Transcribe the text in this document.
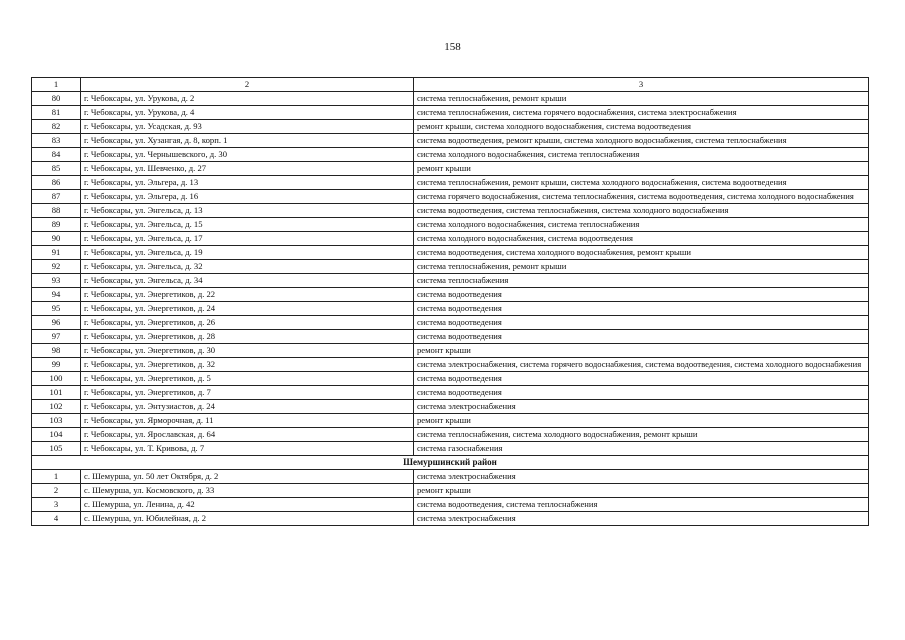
158
1	2	3
80	г. Чебоксары, ул. Урукова, д. 2	система теплоснабжения, ремонт крыши
81	г. Чебоксары, ул. Урукова, д. 4	система теплоснабжения, система горячего водоснабжения, система электроснабжения
82	г. Чебоксары, ул. Усадская, д. 93	ремонт крыши, система холодного водоснабжения, система водоотведения
83	г. Чебоксары, ул. Хузангая, д. 8, корп. 1	система водоотведения, ремонт крыши, система холодного водоснабжения, система теплоснабжения
84	г. Чебоксары, ул. Чернышевского, д. 30	система холодного водоснабжения, система теплоснабжения
85	г. Чебоксары, ул. Шевченко, д. 27	ремонт крыши
86	г. Чебоксары, ул. Эльгера, д. 13	система теплоснабжения, ремонт крыши, система холодного водоснабжения, система водоотведения
87	г. Чебоксары, ул. Эльгера, д. 16	система горячего водоснабжения, система теплоснабжения, система водоотведения, система холодного водоснабжения
88	г. Чебоксары, ул. Энгельса, д. 13	система водоотведения, система теплоснабжения, система холодного водоснабжения
89	г. Чебоксары, ул. Энгельса, д. 15	система холодного водоснабжения, система теплоснабжения
90	г. Чебоксары, ул. Энгельса, д. 17	система холодного водоснабжения, система водоотведения
91	г. Чебоксары, ул. Энгельса, д. 19	система водоотведения, система холодного водоснабжения, ремонт крыши
92	г. Чебоксары, ул. Энгельса, д. 32	система теплоснабжения, ремонт крыши
93	г. Чебоксары, ул. Энгельса, д. 34	система теплоснабжения
94	г. Чебоксары, ул. Энергетиков, д. 22	система водоотведения
95	г. Чебоксары, ул. Энергетиков, д. 24	система водоотведения
96	г. Чебоксары, ул. Энергетиков, д. 26	система водоотведения
97	г. Чебоксары, ул. Энергетиков, д. 28	система водоотведения
98	г. Чебоксары, ул. Энергетиков, д. 30	ремонт крыши
99	г. Чебоксары, ул. Энергетиков, д. 32	система электроснабжения, система горячего водоснабжения, система водоотведения, система холодного водоснабжения
100	г. Чебоксары, ул. Энергетиков, д. 5	система водоотведения
101	г. Чебоксары, ул. Энергетиков, д. 7	система водоотведения
102	г. Чебоксары, ул. Энтузиастов, д. 24	система электроснабжения
103	г. Чебоксары, ул. Ярморочная, д. 11	ремонт крыши
104	г. Чебоксары, ул. Ярославская, д. 64	система теплоснабжения, система холодного водоснабжения, ремонт крыши
105	г. Чебоксары, ул. Т. Кривова, д. 7	система газоснабжения
Шемуршинский район		
1	с. Шемурша, ул. 50 лет Октября, д. 2	система электроснабжения
2	с. Шемурша, ул. Космовского, д. 33	ремонт крыши
3	с. Шемурша, ул. Ленина, д. 42	система водоотведения, система теплоснабжения
4	с. Шемурша, ул. Юбилейная, д. 2	система электроснабжения
